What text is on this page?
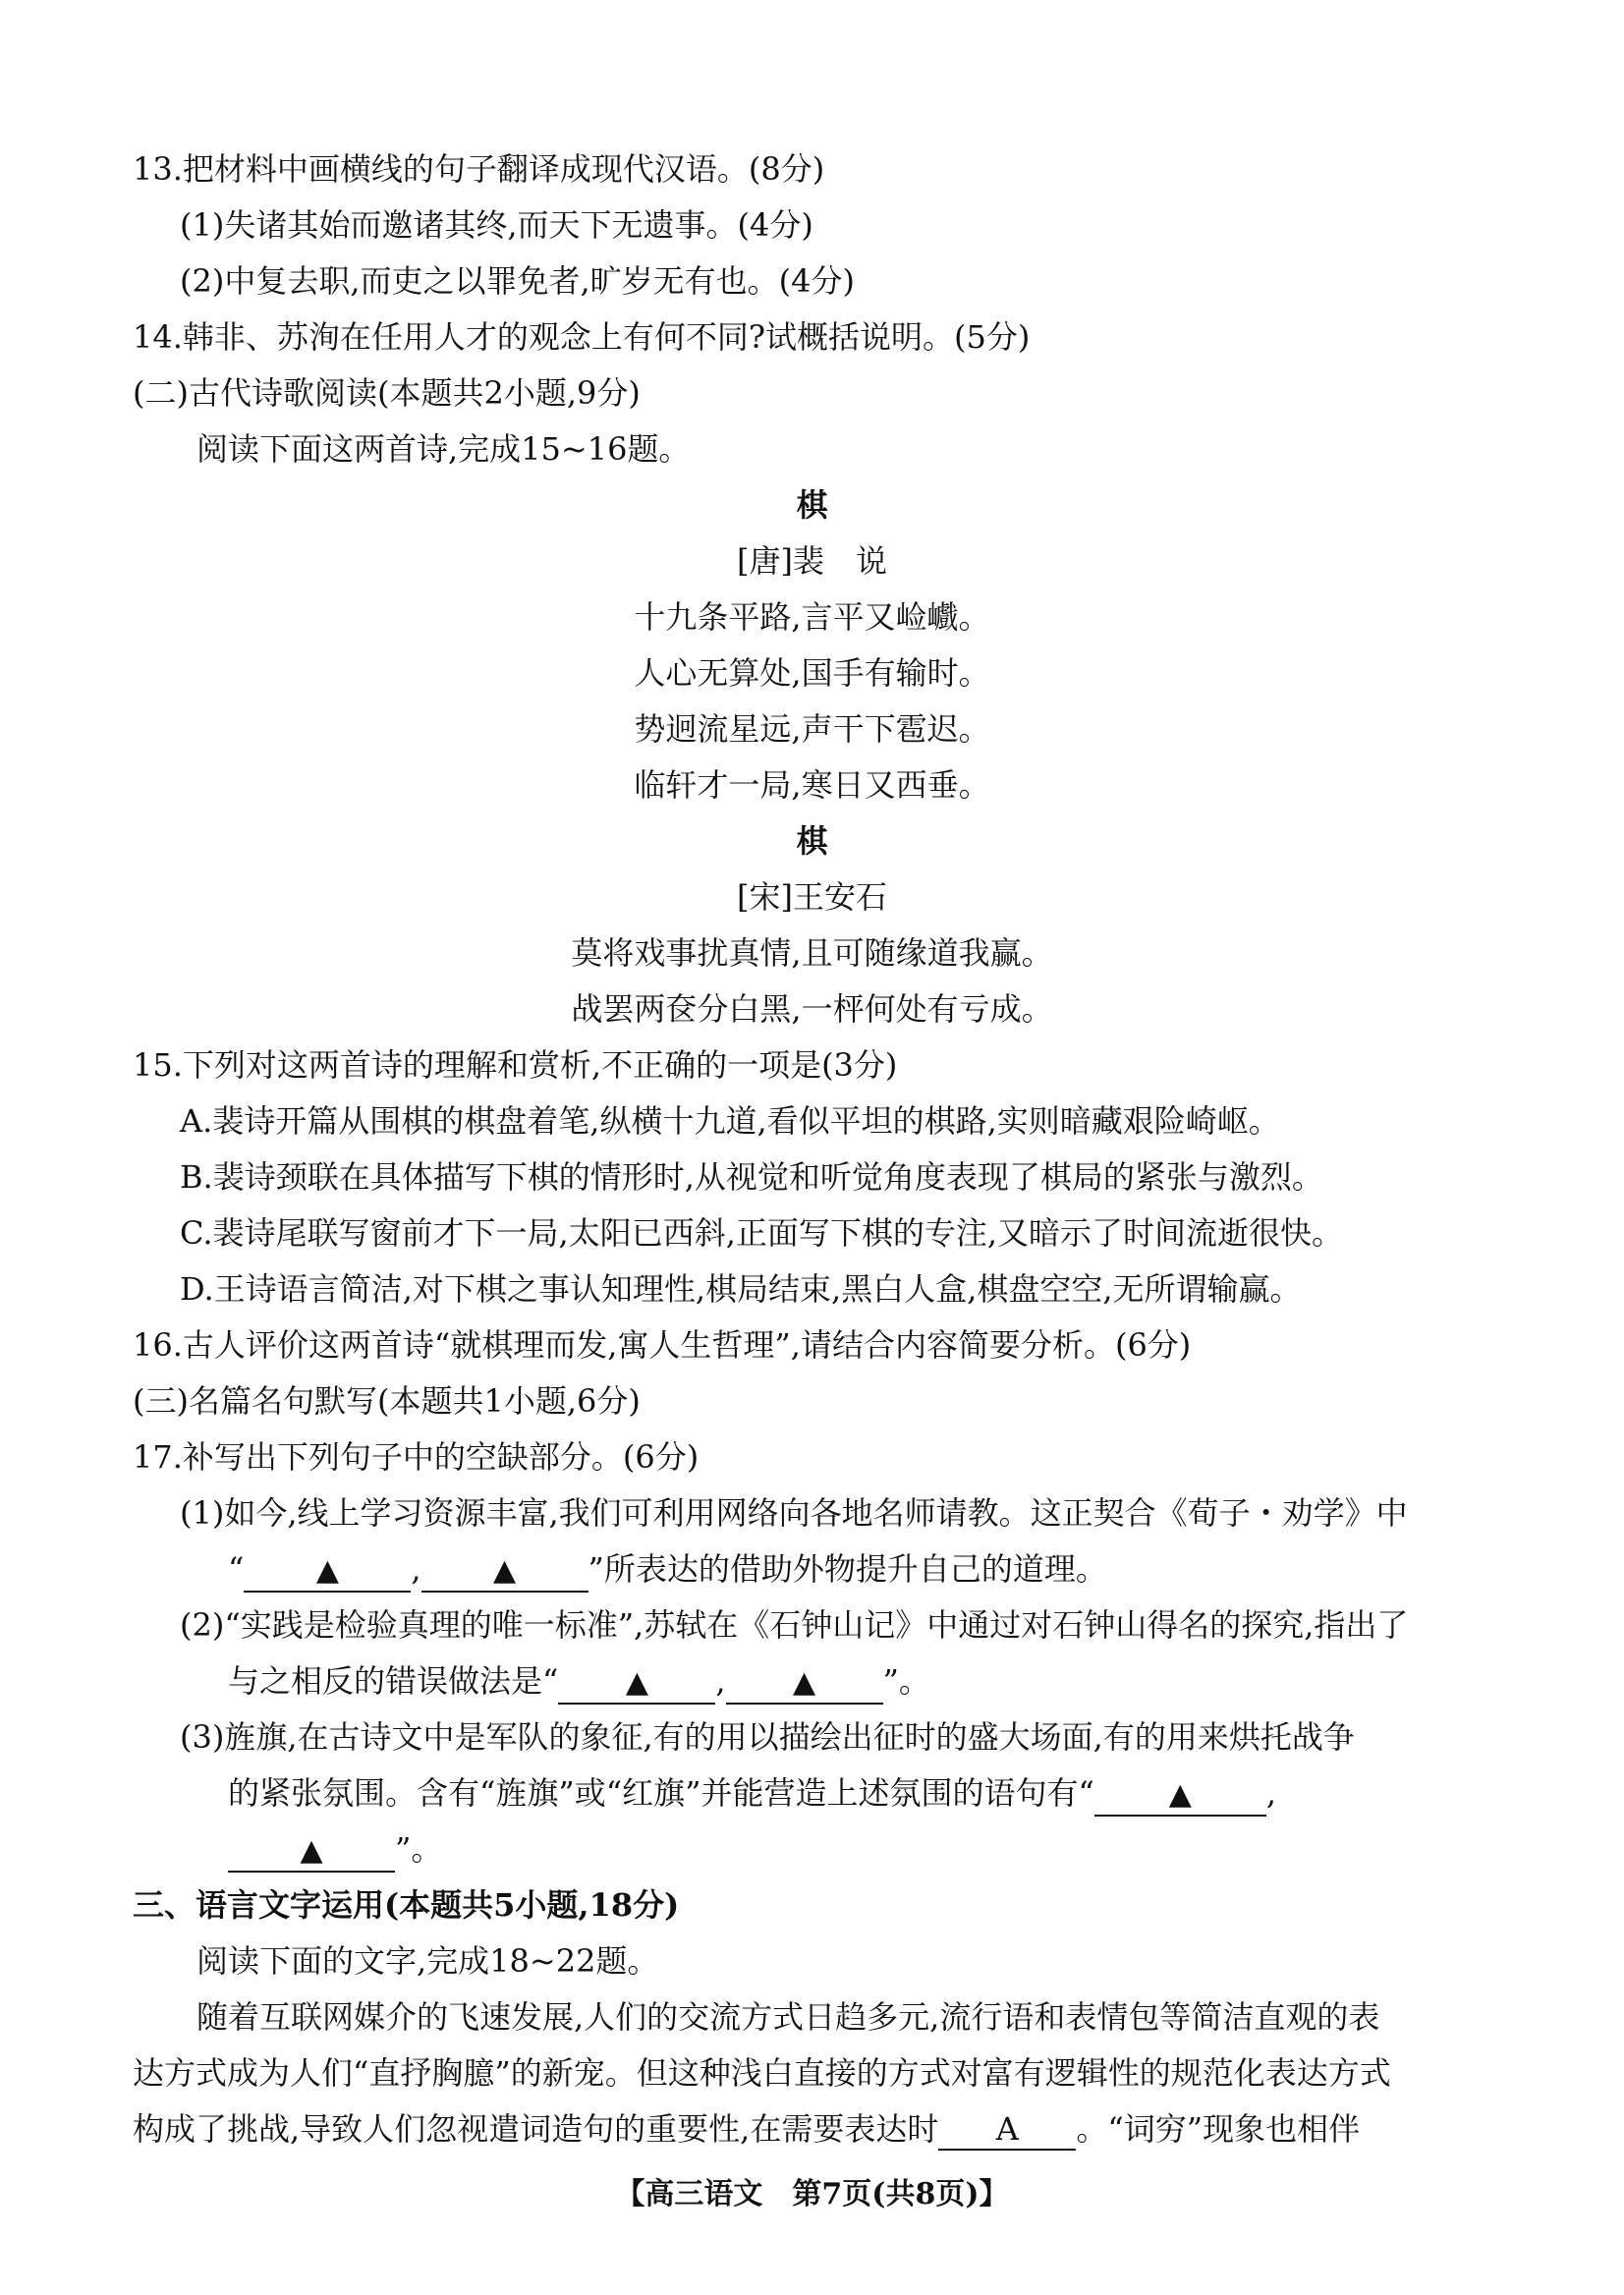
13.把材料中画横线的句子翻译成现代汉语。(8分)
(1)失诸其始而邀诸其终,而天下无遗事。(4分)
(2)中复去职,而吏之以罪免者,旷岁无有也。(4分)
14.韩非、苏洵在任用人才的观念上有何不同?试概括说明。(5分)
(二)古代诗歌阅读(本题共2小题,9分)
阅读下面这两首诗,完成15~16题。
棋
[唐]裴　说
十九条平路,言平又崄巇。
人心无算处,国手有输时。
势迥流星远,声干下雹迟。
临轩才一局,寒日又西垂。
棋
[宋]王安石
莫将戏事扰真情,且可随缘道我赢。
战罢两奁分白黑,一枰何处有亏成。
15.下列对这两首诗的理解和赏析,不正确的一项是(3分)
A.裴诗开篇从围棋的棋盘着笔,纵横十九道,看似平坦的棋路,实则暗藏艰险崎岖。
B.裴诗颈联在具体描写下棋的情形时,从视觉和听觉角度表现了棋局的紧张与激烈。
C.裴诗尾联写窗前才下一局,太阳已西斜,正面写下棋的专注,又暗示了时间流逝很快。
D.王诗语言简洁,对下棋之事认知理性,棋局结束,黑白人盒,棋盘空空,无所谓输赢。
16.古人评价这两首诗“就棋理而发,寓人生哲理”,请结合内容简要分析。(6分)
(三)名篇名句默写(本题共1小题,6分)
17.补写出下列句子中的空缺部分。(6分)
(1)如今,线上学习资源丰富,我们可利用网络向各地名师请教。这正契合《荀子・劝学》中
“ ▲ , ▲ ”所表达的借助外物提升自己的道理。
(2)“实践是检验真理的唯一标准”,苏轼在《石钟山记》中通过对石钟山得名的探究,指出了
与之相反的错误做法是“ ▲ , ▲ ”。
(3)旌旗,在古诗文中是军队的象征,有的用以描绘出征时的盛大场面,有的用来烘托战争
的紧张氛围。含有“旌旗”或“红旗”并能营造上述氛围的语句有“	▲ ,
▲ ”。
三、语言文字运用(本题共5小题,18分)
阅读下面的文字,完成18~22题。
随着互联网媒介的飞速发展,人们的交流方式日趋多元,流行语和表情包等简洁直观的表
达方式成为人们“直抒胸臆”的新宠。但这种浅白直接的方式对富有逻辑性的规范化表达方式
构成了挑战,导致人们忽视遣词造句的重要性,在需要表达时 A 。“词穷”现象也相伴
【高三语文　第7页(共8页)】
